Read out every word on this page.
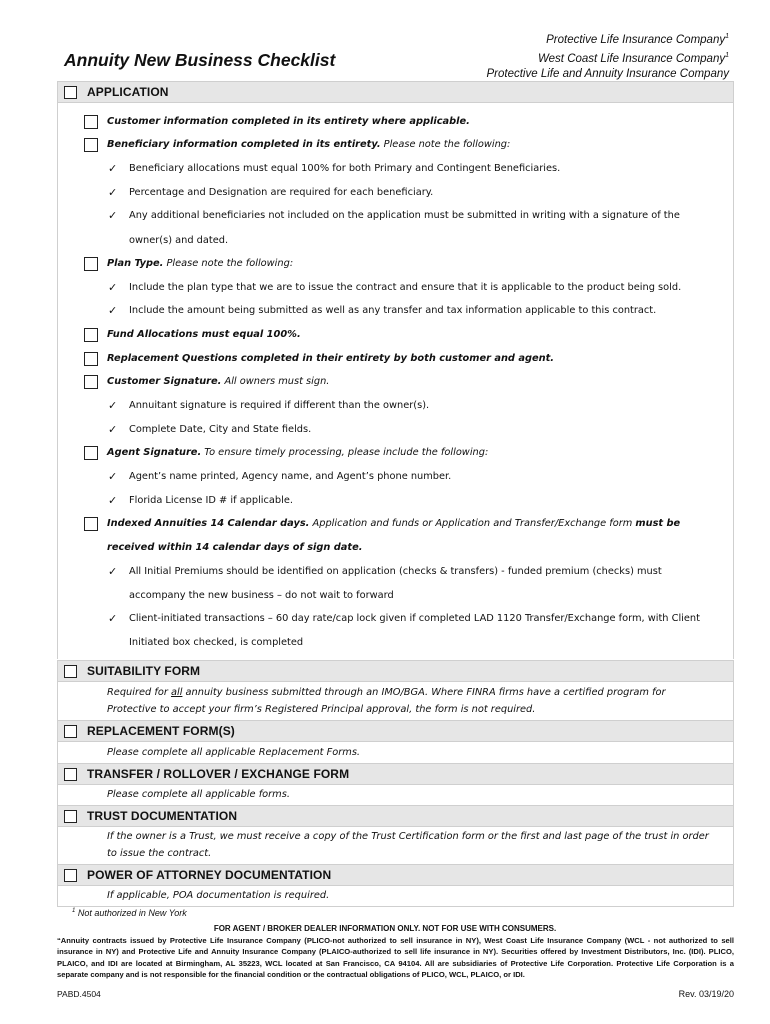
Annuity New Business Checklist
Protective Life Insurance Company$^1$
West Coast Life Insurance Company$^1$
Protective Life and Annuity Insurance Company
APPLICATION
Customer information completed in its entirety where applicable.
Beneficiary information completed in its entirety. Please note the following:
✓ Beneficiary allocations must equal 100% for both Primary and Contingent Beneficiaries.
✓ Percentage and Designation are required for each beneficiary.
✓ Any additional beneficiaries not included on the application must be submitted in writing with a signature of the
owner(s) and dated.
Plan Type. Please note the following:
✓ Include the plan type that we are to issue the contract and ensure that it is applicable to the product being sold.
✓ Include the amount being submitted as well as any transfer and tax information applicable to this contract.
Fund Allocations must equal 100%.
Replacement Questions completed in their entirety by both customer and agent.
Customer Signature. All owners must sign.
✓ Annuitant signature is required if different than the owner(s).
✓ Complete Date, City and State fields.
Agent Signature. To ensure timely processing, please include the following:
✓ Agent’s name printed, Agency name, and Agent’s phone number.
✓ Florida License ID # if applicable.
Indexed Annuities 14 Calendar days. Application and funds or Application and Transfer/Exchange form must be
received within 14 calendar days of sign date.
✓ All Initial Premiums should be identified on application (checks & transfers) - funded premium (checks) must
accompany the new business – do not wait to forward
✓ Client-initiated transactions – 60 day rate/cap lock given if completed LAD 1120 Transfer/Exchange form, with Client
Initiated box checked, is completed
SUITABILITY FORM
Required for all annuity business submitted through an IMO/BGA. Where FINRA firms have a certified program for
Protective to accept your firm’s Registered Principal approval, the form is not required.
REPLACEMENT FORM(S)
Please complete all applicable Replacement Forms.
TRANSFER / ROLLOVER / EXCHANGE FORM
Please complete all applicable forms.
TRUST DOCUMENTATION
If the owner is a Trust, we must receive a copy of the Trust Certification form or the first and last page of the trust in order
to issue the contract.
POWER OF ATTORNEY DOCUMENTATION
If applicable, POA documentation is required.
$^1$ Not authorized in New York
FOR AGENT / BROKER DEALER INFORMATION ONLY. NOT FOR USE WITH CONSUMERS.
“Annuity contracts issued by Protective Life Insurance Company (PLICO-not authorized to sell insurance in NY), West Coast Life Insurance Company (WCL - not authorized to sell insurance in NY) and Protective Life and Annuity Insurance Company (PLAICO-authorized to sell life insurance in NY). Securities offered by Investment Distributors, Inc. (IDI). PLICO, PLAICO, and IDI are located at Birmingham, AL 35223, WCL located at San Francisco, CA 94104. All are subsidiaries of Protective Life Corporation. Protective Life Corporation is a separate company and is not responsible for the financial condition or the contractual obligations of PLICO, WCL, PLAICO, or IDI.
PABD.4504	Rev. 03/19/20
